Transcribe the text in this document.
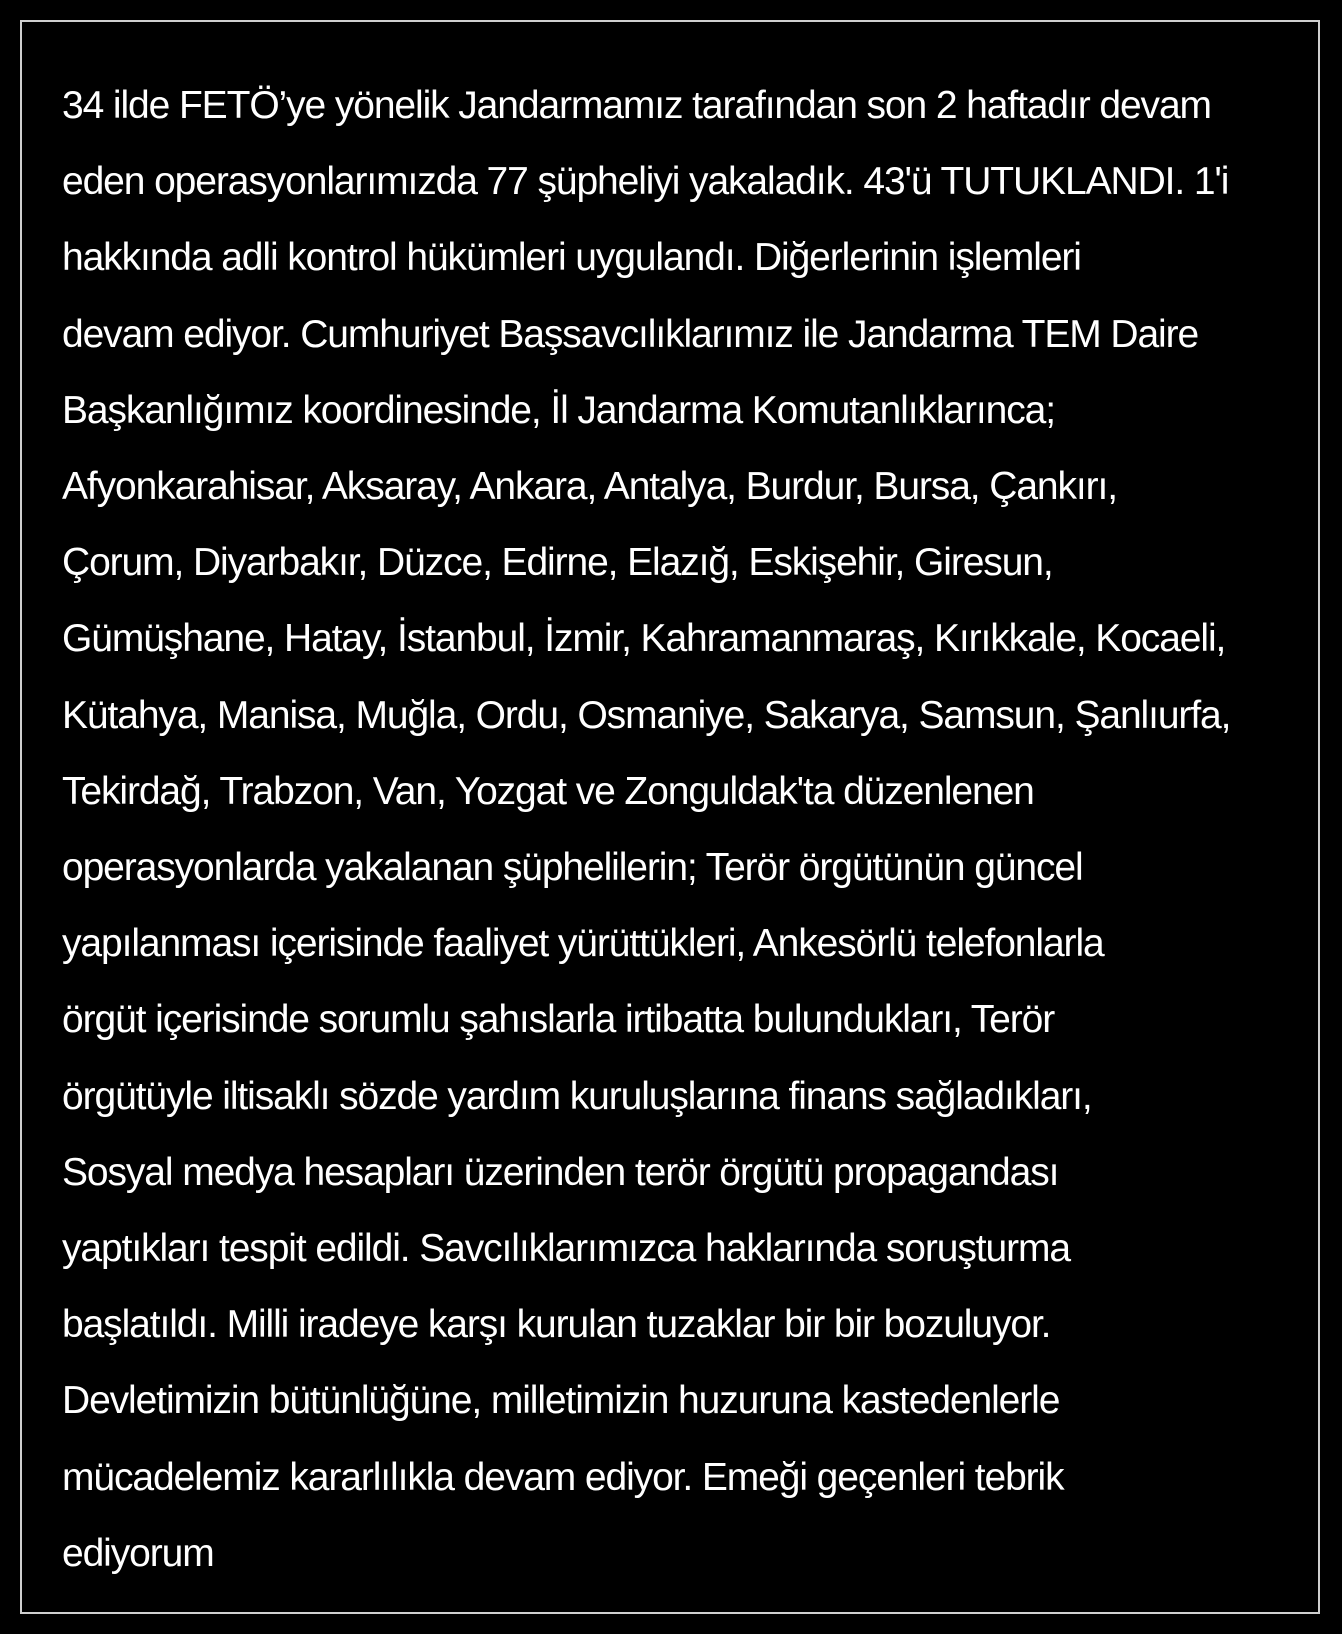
34 ilde FETÖ’ye yönelik Jandarmamız tarafından son 2 haftadır devam
eden operasyonlarımızda 77 şüpheliyi yakaladık. 43'ü TUTUKLANDI. 1'i
hakkında adli kontrol hükümleri uygulandı. Diğerlerinin işlemleri
devam ediyor. Cumhuriyet Başsavcılıklarımız ile Jandarma TEM Daire
Başkanlığımız koordinesinde, İl Jandarma Komutanlıklarınca;
Afyonkarahisar, Aksaray, Ankara, Antalya, Burdur, Bursa, Çankırı,
Çorum, Diyarbakır, Düzce, Edirne, Elazığ, Eskişehir, Giresun,
Gümüşhane, Hatay, İstanbul, İzmir, Kahramanmaraş, Kırıkkale, Kocaeli,
Kütahya, Manisa, Muğla, Ordu, Osmaniye, Sakarya, Samsun, Şanlıurfa,
Tekirdağ, Trabzon, Van, Yozgat ve Zonguldak'ta düzenlenen
operasyonlarda yakalanan şüphelilerin; Terör örgütünün güncel
yapılanması içerisinde faaliyet yürüttükleri, Ankesörlü telefonlarla
örgüt içerisinde sorumlu şahıslarla irtibatta bulundukları, Terör
örgütüyle iltisaklı sözde yardım kuruluşlarına finans sağladıkları,
Sosyal medya hesapları üzerinden terör örgütü propagandası
yaptıkları tespit edildi. Savcılıklarımızca haklarında soruşturma
başlatıldı. Milli iradeye karşı kurulan tuzaklar bir bir bozuluyor.
Devletimizin bütünlüğüne, milletimizin huzuruna kastedenlerle
mücadelemiz kararlılıkla devam ediyor. Emeği geçenleri tebrik
ediyorum
